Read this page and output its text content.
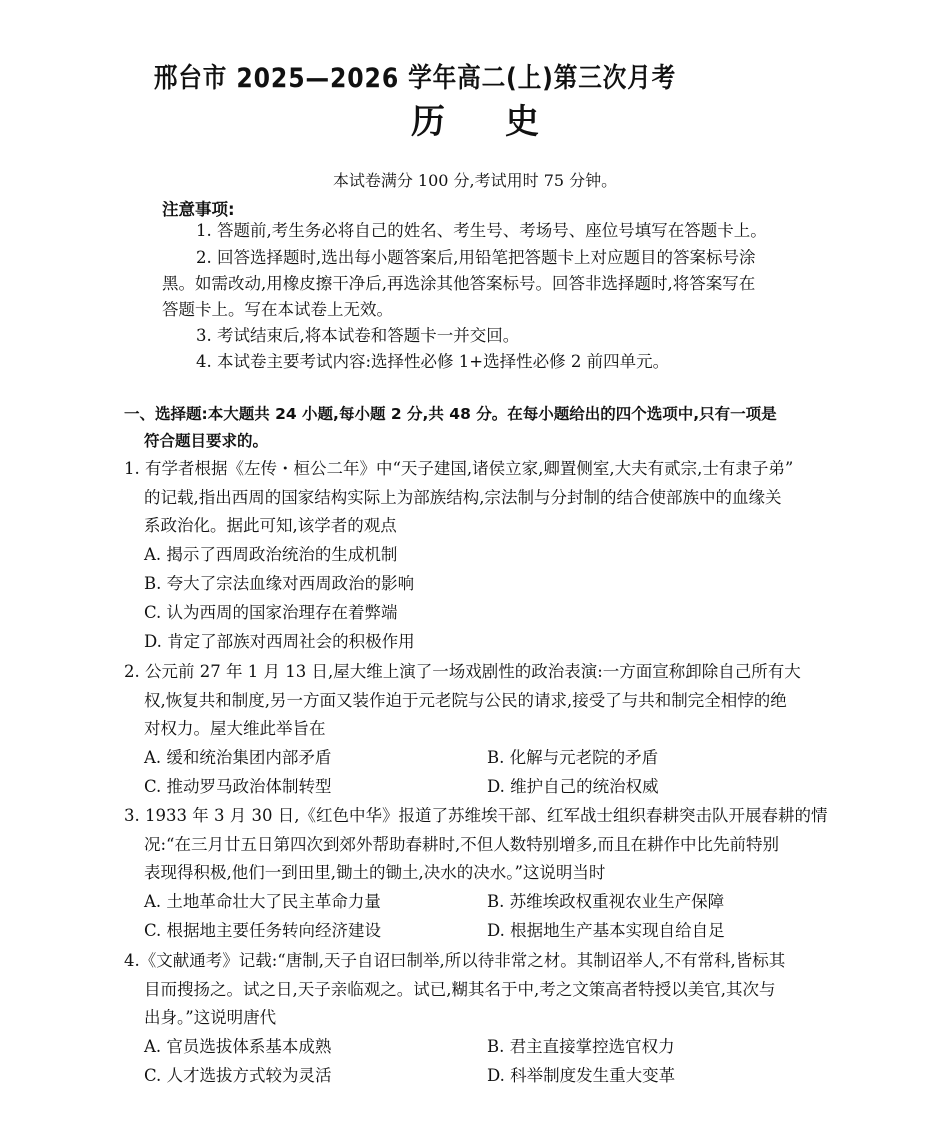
邢台市 2025—2026 学年高二(上)第三次月考
历史
本试卷满分 100 分,考试用时 75 分钟。
注意事项:
1. 答题前,考生务必将自己的姓名、考生号、考场号、座位号填写在答题卡上。
2. 回答选择题时,选出每小题答案后,用铅笔把答题卡上对应题目的答案标号涂
黑。如需改动,用橡皮擦干净后,再选涂其他答案标号。回答非选择题时,将答案写在
答题卡上。写在本试卷上无效。
3. 考试结束后,将本试卷和答题卡一并交回。
4. 本试卷主要考试内容:选择性必修 1+选择性必修 2 前四单元。
一、选择题:本大题共 24 小题,每小题 2 分,共 48 分。在每小题给出的四个选项中,只有一项是
符合题目要求的。
1. 有学者根据《左传・桓公二年》中“天子建国,诸侯立家,卿置侧室,大夫有贰宗,士有隶子弟”
的记载,指出西周的国家结构实际上为部族结构,宗法制与分封制的结合使部族中的血缘关
系政治化。据此可知,该学者的观点
A. 揭示了西周政治统治的生成机制
B. 夸大了宗法血缘对西周政治的影响
C. 认为西周的国家治理存在着弊端
D. 肯定了部族对西周社会的积极作用
2. 公元前 27 年 1 月 13 日,屋大维上演了一场戏剧性的政治表演:一方面宣称卸除自己所有大
权,恢复共和制度,另一方面又装作迫于元老院与公民的请求,接受了与共和制完全相悖的绝
对权力。屋大维此举旨在
A. 缓和统治集团内部矛盾	B. 化解与元老院的矛盾
C. 推动罗马政治体制转型	D. 维护自己的统治权威
3. 1933 年 3 月 30 日,《红色中华》报道了苏维埃干部、红军战士组织春耕突击队开展春耕的情
况:“在三月廿五日第四次到郊外帮助春耕时,不但人数特别增多,而且在耕作中比先前特别
表现得积极,他们一到田里,锄土的锄土,决水的决水。”这说明当时
A. 土地革命壮大了民主革命力量	B. 苏维埃政权重视农业生产保障
C. 根据地主要任务转向经济建设	D. 根据地生产基本实现自给自足
4.《文献通考》记载:“唐制,天子自诏曰制举,所以待非常之材。其制诏举人,不有常科,皆标其
目而搜扬之。试之日,天子亲临观之。试已,糊其名于中,考之文策高者特授以美官,其次与
出身。”这说明唐代
A. 官员选拔体系基本成熟	B. 君主直接掌控选官权力
C. 人才选拔方式较为灵活	D. 科举制度发生重大变革
